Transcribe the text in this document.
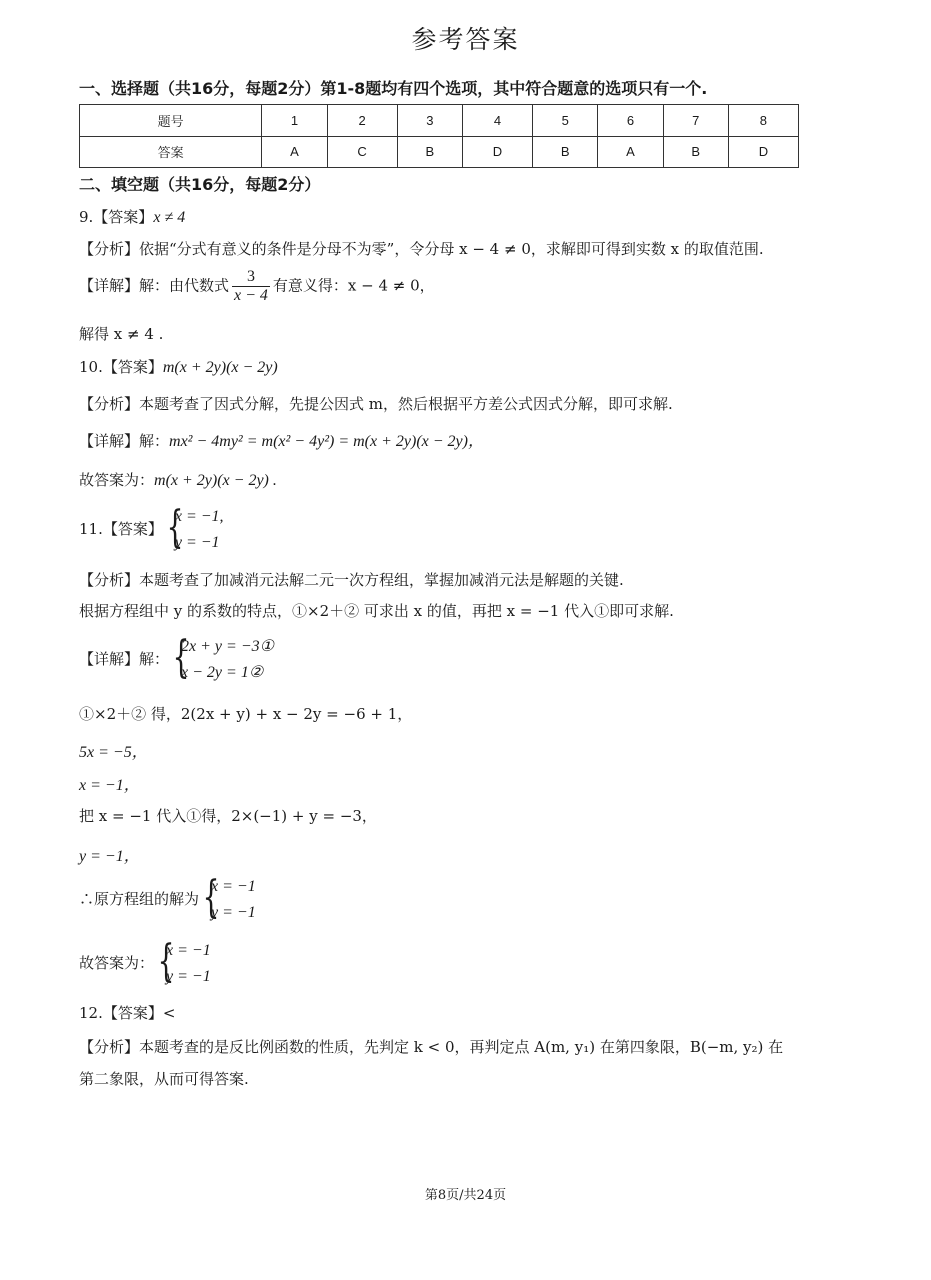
参考答案
一、选择题（共16分，每题2分）第1-8题均有四个选项，其中符合题意的选项只有一个.
题号	1	2	3	4	5	6	7	8
答案	A	C	B	D	B	A	B	D
二、填空题（共16分，每题2分）
9.【答案】x ≠ 4
【分析】依据“分式有意义的条件是分母不为零”，令分母 x − 4 ≠ 0，求解即可得到实数 x 的取值范围.
【详解】解：由代数式 $\frac{3}{x - 4}$ 有意义得：x − 4 ≠ 0，
解得 x ≠ 4 .
10.【答案】m(x + 2y)(x − 2y)
【分析】本题考查了因式分解，先提公因式 m，然后根据平方差公式因式分解，即可求解.
【详解】解：mx² − 4my² = m(x² − 4y²) = m(x + 2y)(x − 2y)，
故答案为：m(x + 2y)(x − 2y) .
11.【答案】
{ x = −1,
y = −1
【分析】本题考查了加减消元法解二元一次方程组，掌握加减消元法是解题的关键.
根据方程组中 y 的系数的特点，①×2＋② 可求出 x 的值，再把 x = −1 代入①即可求解.
【详解】解：
{ 2x + y = −3①
x − 2y = 1②
①×2＋② 得，2(2x + y) + x − 2y = −6 + 1，
5x = −5，
x = −1，
把 x = −1 代入①得，2×(−1) + y = −3，
y = −1，
∴原方程组的解为
{ x = −1
y = −1
故答案为：
{ x = −1
y = −1
12.【答案】<
【分析】本题考查的是反比例函数的性质，先判定 k < 0，再判定点 A(m, y₁) 在第四象限，B(−m, y₂) 在
第二象限，从而可得答案.
第8页/共24页
